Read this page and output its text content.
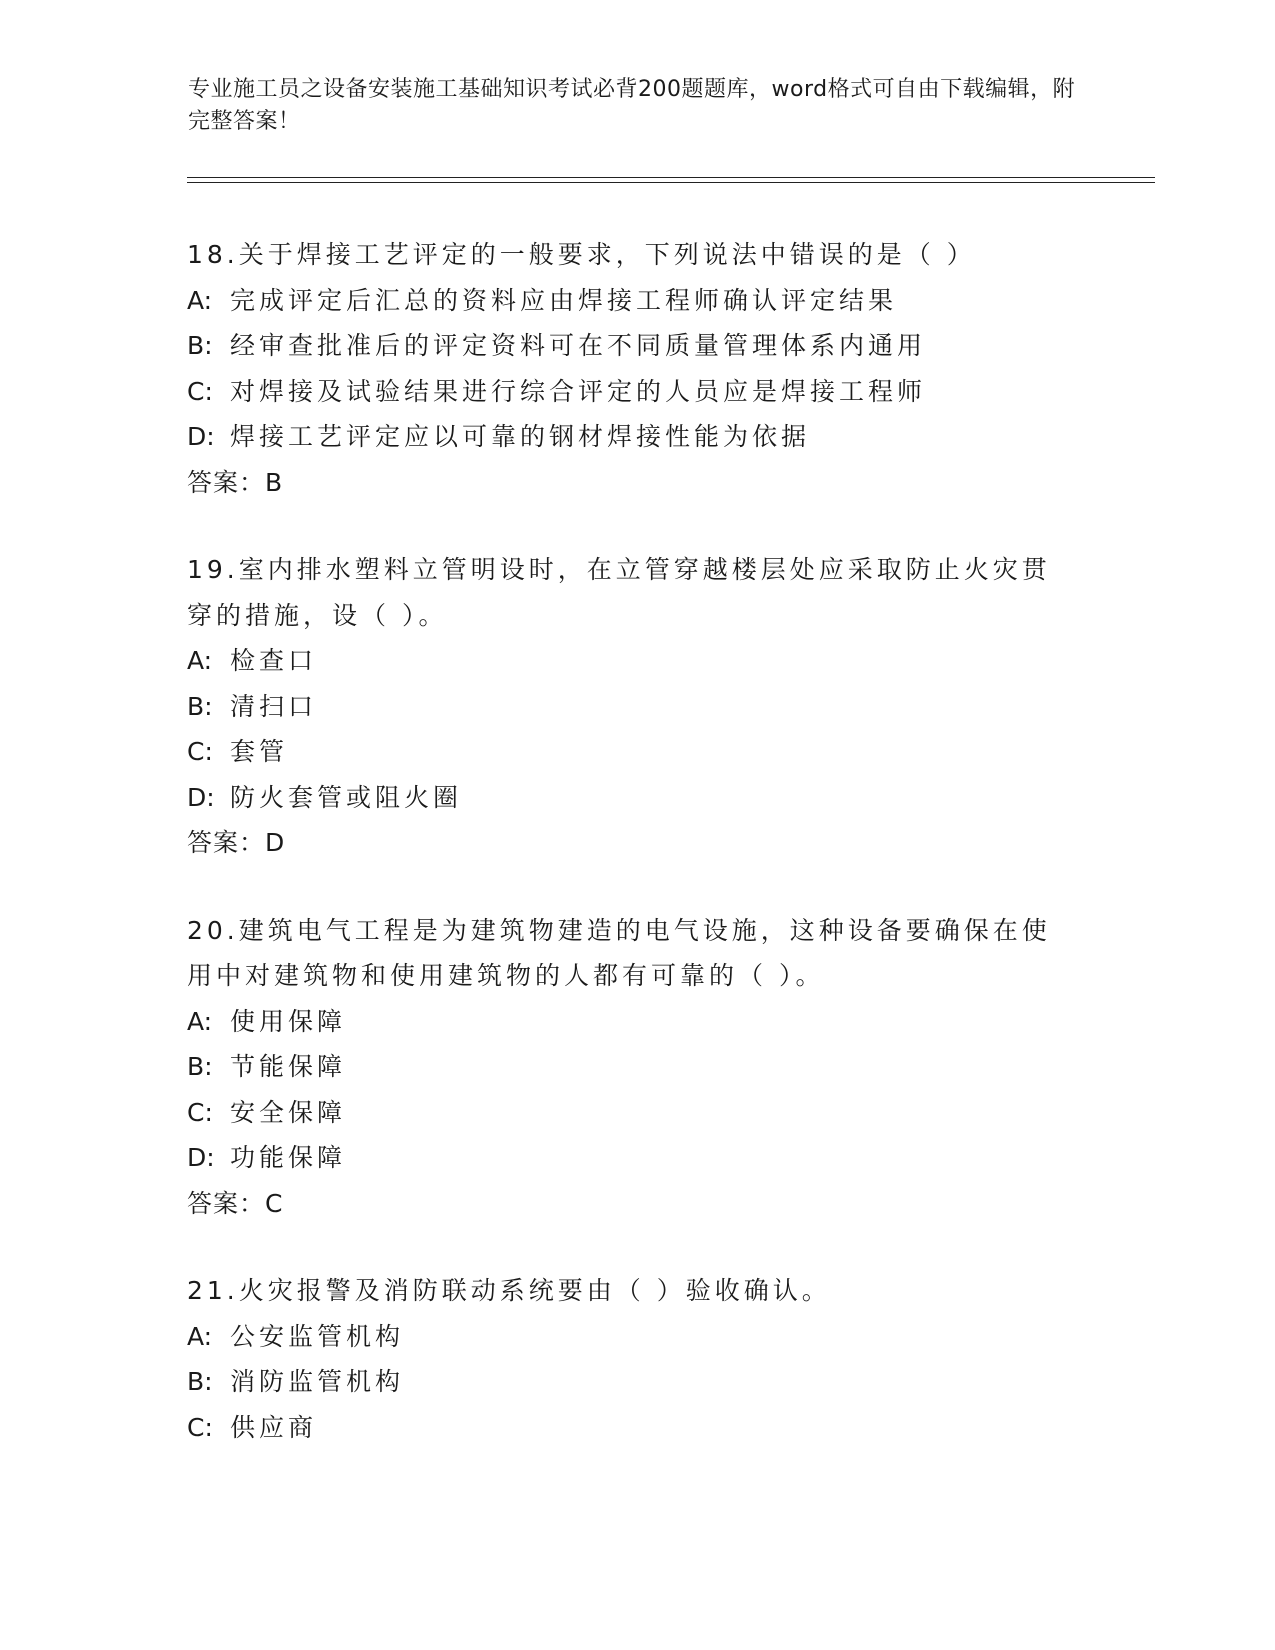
专业施工员之设备安装施工基础知识考试必背200题题库，word格式可自由下载编辑，附完整答案！
18.关于焊接工艺评定的一般要求，下列说法中错误的是（ ）
A: 完成评定后汇总的资料应由焊接工程师确认评定结果
B: 经审查批准后的评定资料可在不同质量管理体系内通用
C: 对焊接及试验结果进行综合评定的人员应是焊接工程师
D: 焊接工艺评定应以可靠的钢材焊接性能为依据
答案：B
19.室内排水塑料立管明设时，在立管穿越楼层处应采取防止火灾贯穿的措施，设（ ）。
A: 检查口
B: 清扫口
C: 套管
D: 防火套管或阻火圈
答案：D
20.建筑电气工程是为建筑物建造的电气设施，这种设备要确保在使用中对建筑物和使用建筑物的人都有可靠的（ ）。
A: 使用保障
B: 节能保障
C: 安全保障
D: 功能保障
答案：C
21.火灾报警及消防联动系统要由（ ）验收确认。
A: 公安监管机构
B: 消防监管机构
C: 供应商
